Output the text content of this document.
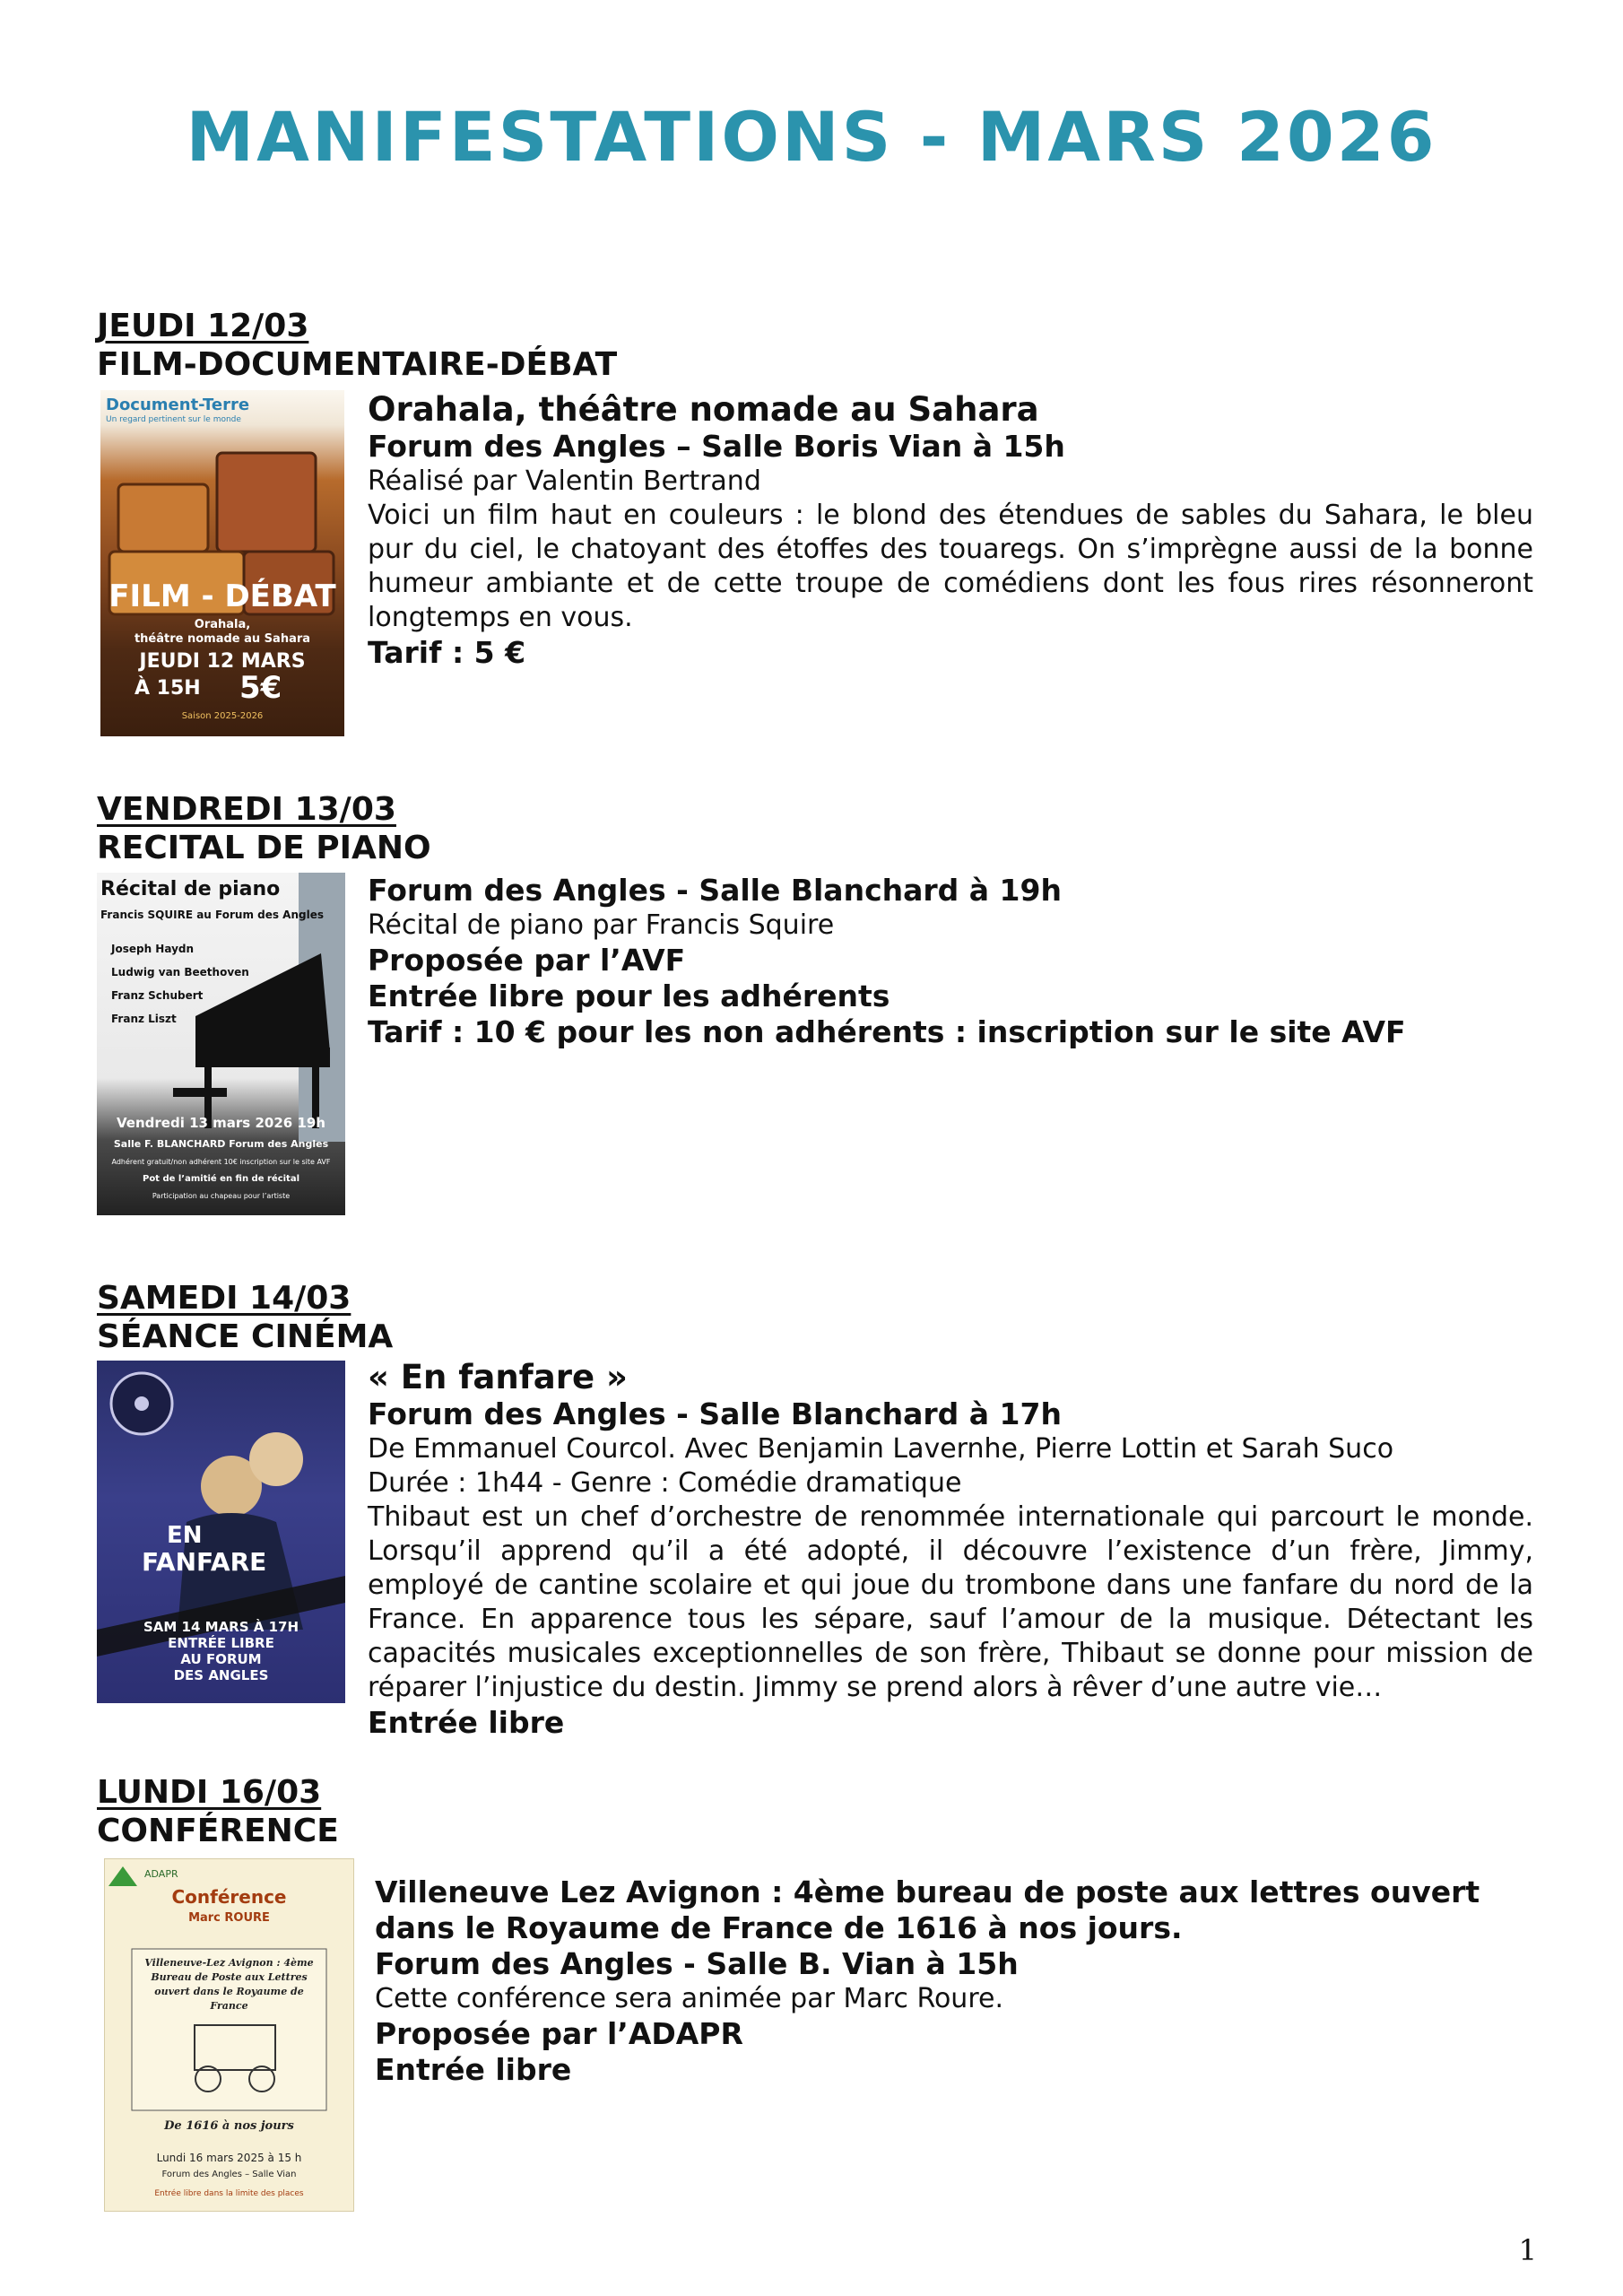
MANIFESTATIONS - MARS 2026
JEUDI 12/03
FILM-DOCUMENTAIRE-DÉBAT
Document-Terre
Un regard pertinent sur le monde
FILM - DÉBAT
Orahala,
théâtre nomade au Sahara
JEUDI 12 MARS
À 15H 5€
Saison 2025-2026

Orahala, théâtre nomade au Sahara

Forum des Angles – Salle Boris Vian à 15h

Réalisé par Valentin Bertrand

Voici un film haut en couleurs : le blond des étendues de sables du Sahara, le bleu pur du ciel, le chatoyant des étoffes des touaregs. On s’imprègne aussi de la bonne humeur ambiante et de cette troupe de comédiens dont les fous rires résonneront longtemps en vous.

Tarif : 5 €

VENDREDI 13/03
RECITAL DE PIANO
Récital de piano
Francis SQUIRE au Forum des Angles
Joseph Haydn
Ludwig van Beethoven
Franz Schubert
Franz Liszt
Vendredi 13 mars 2026 19h
Salle F. BLANCHARD Forum des Angles
Adhérent gratuit/non adhérent 10€ inscription sur le site AVF
Pot de l’amitié en fin de récital
Participation au chapeau pour l’artiste

Forum des Angles - Salle Blanchard à 19h

Récital de piano par Francis Squire

Proposée par l’AVF

Entrée libre pour les adhérents

Tarif : 10 € pour les non adhérents : inscription sur le site AVF

SAMEDI 14/03
SÉANCE CINÉMA
EN
FANFARE
SAM 14 MARS À 17H
ENTRÉE LIBRE
AU FORUM
DES ANGLES

« En fanfare »

Forum des Angles - Salle Blanchard à 17h

De Emmanuel Courcol. Avec Benjamin Lavernhe, Pierre Lottin et Sarah Suco

Durée : 1h44 - Genre : Comédie dramatique

Thibaut est un chef d’orchestre de renommée internationale qui parcourt le monde. Lorsqu’il apprend qu’il a été adopté, il découvre l’existence d’un frère, Jimmy, employé de cantine scolaire et qui joue du trombone dans une fanfare du nord de la France. En apparence tous les sépare, sauf l’amour de la musique. Détectant les capacités musicales exceptionnelles de son frère, Thibaut se donne pour mission de réparer l’injustice du destin. Jimmy se prend alors à rêver d’une autre vie…

Entrée libre

LUNDI 16/03
CONFÉRENCE
ADAPR
Conférence
Marc ROURE
Villeneuve-Lez Avignon : 4ème Bureau de Poste aux Lettres ouvert dans le Royaume de France
De 1616 à nos jours
Lundi 16 mars 2025 à 15 h
Forum des Angles – Salle Vian
Entrée libre dans la limite des places

Villeneuve Lez Avignon : 4ème bureau de poste aux lettres ouvert dans le Royaume de France de 1616 à nos jours.

Forum des Angles - Salle B. Vian à 15h

Cette conférence sera animée par Marc Roure.

Proposée par l’ADAPR

Entrée libre

1
